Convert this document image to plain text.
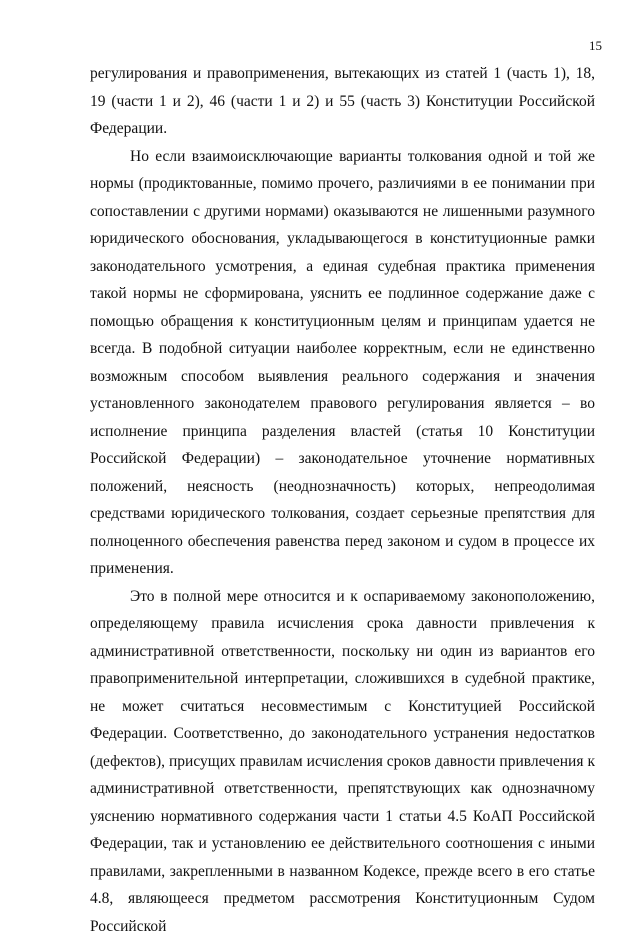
15

регулирования и правоприменения, вытекающих из статей 1 (часть 1), 18, 19 (части 1 и 2), 46 (части 1 и 2) и 55 (часть 3) Конституции Российской Федерации.

Но если взаимоисключающие варианты толкования одной и той же нормы (продиктованные, помимо прочего, различиями в ее понимании при сопоставлении с другими нормами) оказываются не лишенными разумного юридического обоснования, укладывающегося в конституционные рамки законодательного усмотрения, а единая судебная практика применения такой нормы не сформирована, уяснить ее подлинное содержание даже с помощью обращения к конституционным целям и принципам удается не всегда. В подобной ситуации наиболее корректным, если не единственно возможным способом выявления реального содержания и значения установленного законодателем правового регулирования является – во исполнение принципа разделения властей (статья 10 Конституции Российской Федерации) – законодательное уточнение нормативных положений, неясность (неоднозначность) которых, непреодолимая средствами юридического толкования, создает серьезные препятствия для полноценного обеспечения равенства перед законом и судом в процессе их применения.

Это в полной мере относится и к оспариваемому законоположению, определяющему правила исчисления срока давности привлечения к административной ответственности, поскольку ни один из вариантов его правоприменительной интерпретации, сложившихся в судебной практике, не может считаться несовместимым с Конституцией Российской Федерации. Соответственно, до законодательного устранения недостатков (дефектов), присущих правилам исчисления сроков давности привлечения к административной ответственности, препятствующих как однозначному уяснению нормативного содержания части 1 статьи 4.5 КоАП Российской Федерации, так и установлению ее действительного соотношения с иными правилами, закрепленными в названном Кодексе, прежде всего в его статье 4.8, являющееся предметом рассмотрения Конституционным Судом Российской
